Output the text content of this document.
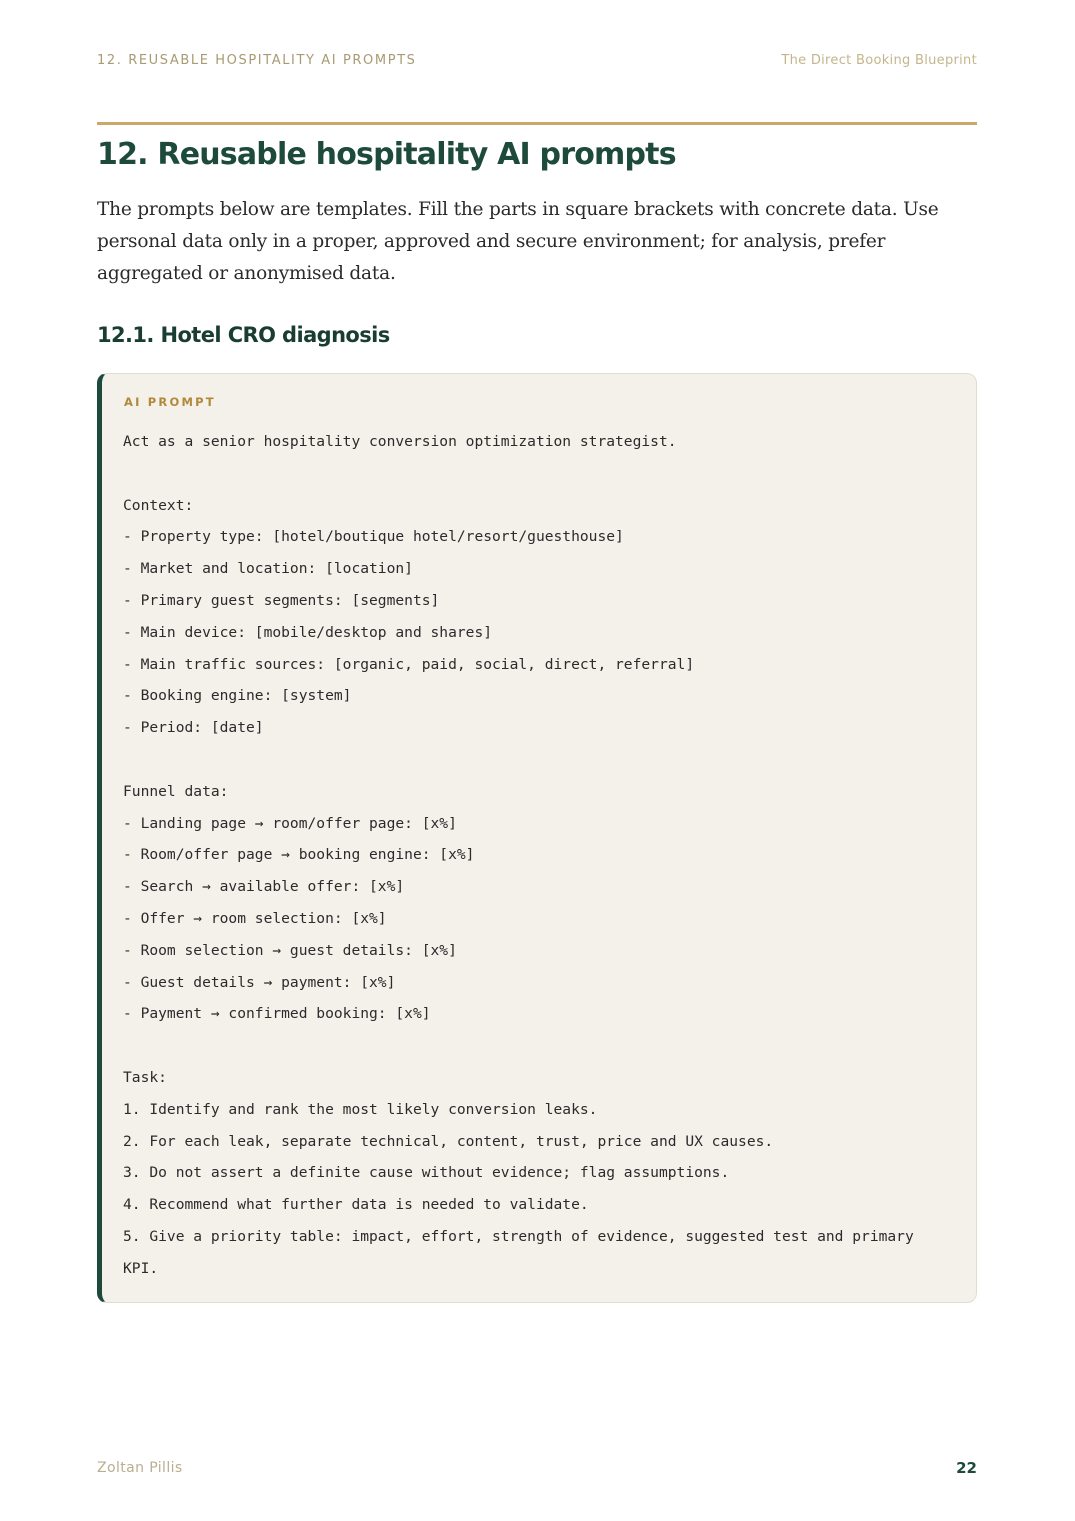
12. REUSABLE HOSPITALITY AI PROMPTS	The Direct Booking Blueprint
12. Reusable hospitality AI prompts

The prompts below are templates. Fill the parts in square brackets with concrete data. Use personal data only in a proper, approved and secure environment; for analysis, prefer aggregated or anonymised data.

12.1. Hotel CRO diagnosis
AI PROMPT
Act as a senior hospitality conversion optimization strategist.
Context:
- Property type: [hotel/boutique hotel/resort/guesthouse]
- Market and location: [location]
- Primary guest segments: [segments]
- Main device: [mobile/desktop and shares]
- Main traffic sources: [organic, paid, social, direct, referral]
- Booking engine: [system]
- Period: [date]
Funnel data:
- Landing page → room/offer page: [x%]
- Room/offer page → booking engine: [x%]
- Search → available offer: [x%]
- Offer → room selection: [x%]
- Room selection → guest details: [x%]
- Guest details → payment: [x%]
- Payment → confirmed booking: [x%]
Task:
1. Identify and rank the most likely conversion leaks.
2. For each leak, separate technical, content, trust, price and UX causes.
3. Do not assert a definite cause without evidence; flag assumptions.
4. Recommend what further data is needed to validate.
5. Give a priority table: impact, effort, strength of evidence, suggested test and primary
KPI.
Zoltan Pillis	22
